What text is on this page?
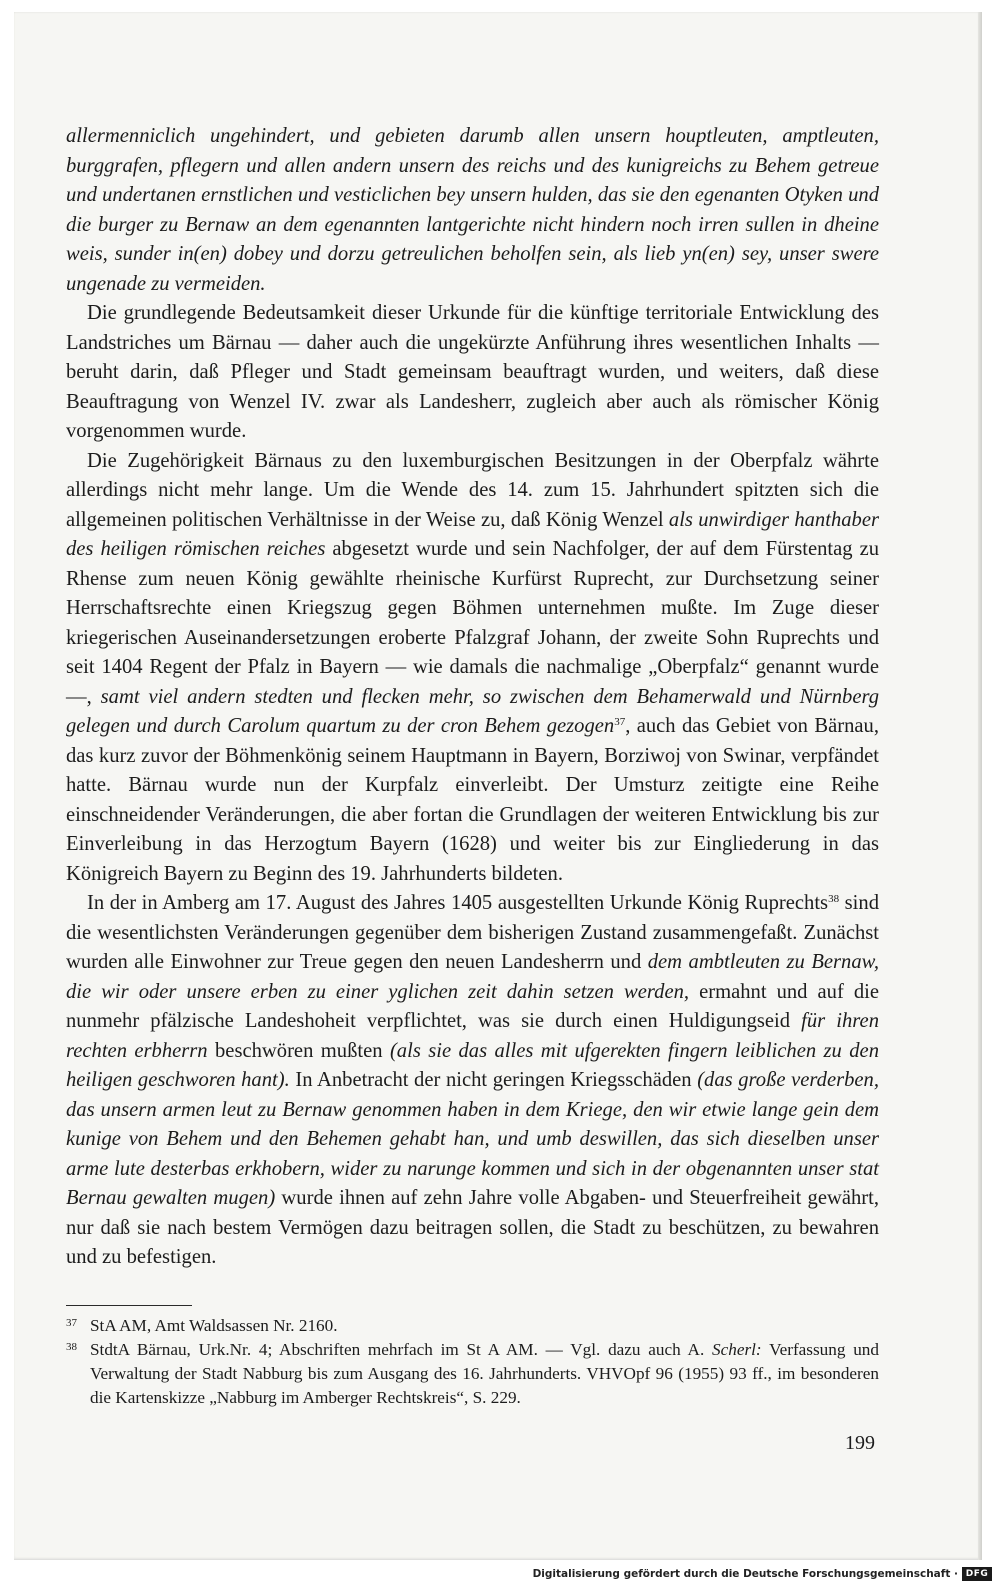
allermenniclich ungehindert, und gebieten darumb allen unsern houptleuten, amptleuten, burggrafen, pflegern und allen andern unsern des reichs und des kunigreichs zu Behem getreue und undertanen ernstlichen und vesticlichen bey unsern hulden, das sie den egenanten Otyken und die burger zu Bernaw an dem egenannten lantgerichte nicht hindern noch irren sullen in dheine weis, sunder in(en) dobey und dorzu getreulichen beholfen sein, als lieb yn(en) sey, unser swere ungenade zu vermeiden.

Die grundlegende Bedeutsamkeit dieser Urkunde für die künftige territoriale Entwicklung des Landstriches um Bärnau — daher auch die ungekürzte Anführung ihres wesentlichen Inhalts — beruht darin, daß Pfleger und Stadt gemeinsam beauftragt wurden, und weiters, daß diese Beauftragung von Wenzel IV. zwar als Landesherr, zugleich aber auch als römischer König vorgenommen wurde.

Die Zugehörigkeit Bärnaus zu den luxemburgischen Besitzungen in der Oberpfalz währte allerdings nicht mehr lange. Um die Wende des 14. zum 15. Jahrhundert spitzten sich die allgemeinen politischen Verhältnisse in der Weise zu, daß König Wenzel als unwirdiger hanthaber des heiligen römischen reiches abgesetzt wurde und sein Nachfolger, der auf dem Fürstentag zu Rhense zum neuen König gewählte rheinische Kurfürst Ruprecht, zur Durchsetzung seiner Herrschaftsrechte einen Kriegszug gegen Böhmen unternehmen mußte. Im Zuge dieser kriegerischen Auseinandersetzungen eroberte Pfalzgraf Johann, der zweite Sohn Ruprechts und seit 1404 Regent der Pfalz in Bayern — wie damals die nachmalige „Oberpfalz“ genannt wurde —, samt viel andern stedten und flecken mehr, so zwischen dem Behamerwald und Nürnberg gelegen und durch Carolum quartum zu der cron Behem gezogen$^{37}$, auch das Gebiet von Bärnau, das kurz zuvor der Böhmenkönig seinem Hauptmann in Bayern, Borziwoj von Swinar, verpfändet hatte. Bärnau wurde nun der Kurpfalz einverleibt. Der Umsturz zeitigte eine Reihe einschneidender Veränderungen, die aber fortan die Grundlagen der weiteren Entwicklung bis zur Einverleibung in das Herzogtum Bayern (1628) und weiter bis zur Eingliederung in das Königreich Bayern zu Beginn des 19. Jahrhunderts bildeten.

In der in Amberg am 17. August des Jahres 1405 ausgestellten Urkunde König Ruprechts$^{38}$ sind die wesentlichsten Veränderungen gegenüber dem bisherigen Zustand zusammengefaßt. Zunächst wurden alle Einwohner zur Treue gegen den neuen Landesherrn und dem ambtleuten zu Bernaw, die wir oder unsere erben zu einer yglichen zeit dahin setzen werden, ermahnt und auf die nunmehr pfälzische Landeshoheit verpflichtet, was sie durch einen Huldigungseid für ihren rechten erbherrn beschwören mußten (als sie das alles mit ufgerekten fingern leiblichen zu den heiligen geschworen hant). In Anbetracht der nicht geringen Kriegsschäden (das große verderben, das unsern armen leut zu Bernaw genommen haben in dem Kriege, den wir etwie lange gein dem kunige von Behem und den Behemen gehabt han, und umb deswillen, das sich dieselben unser arme lute desterbas erkhobern, wider zu narunge kommen und sich in der obgenannten unser stat Bernau gewalten mugen) wurde ihnen auf zehn Jahre volle Abgaben- und Steuerfreiheit gewährt, nur daß sie nach bestem Vermögen dazu beitragen sollen, die Stadt zu beschützen, zu bewahren und zu befestigen.

37 StA AM, Amt Waldsassen Nr. 2160.
38 StdtA Bärnau, Urk.Nr. 4; Abschriften mehrfach im St A AM. — Vgl. dazu auch A. Scherl: Verfassung und Verwaltung der Stadt Nabburg bis zum Ausgang des 16. Jahrhunderts. VHVOpf 96 (1955) 93 ff., im besonderen die Kartenskizze „Nabburg im Amberger Rechtskreis“, S. 229.
199
Digitalisierung gefördert durch die Deutsche Forschungsgemeinschaft · DFG
